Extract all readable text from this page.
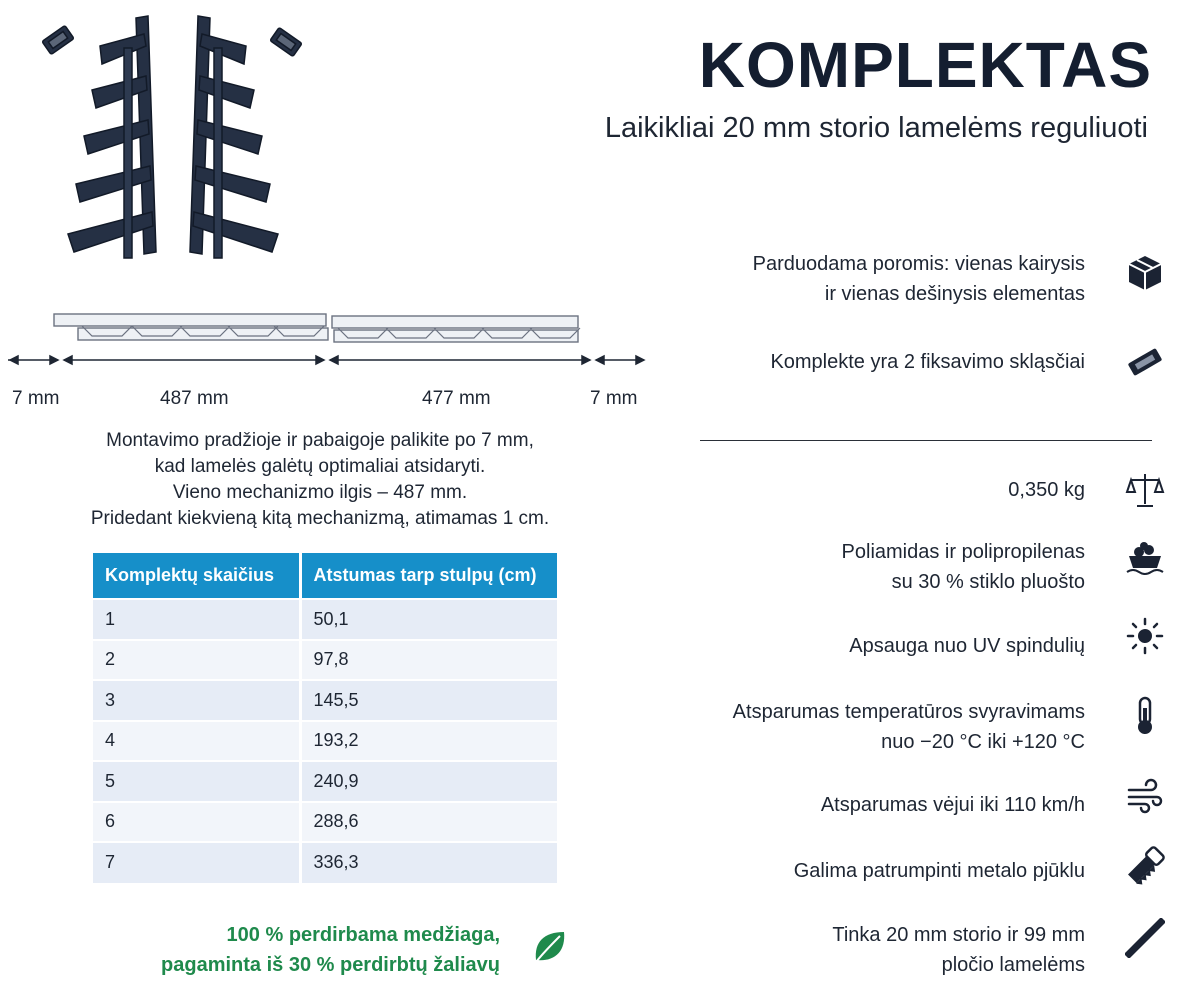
KOMPLEKTAS
Laikikliai 20 mm storio lamelėms reguliuoti
7 mm	487 mm	477 mm	7 mm
Montavimo pradžioje ir pabaigoje palikite po 7 mm,
kad lamelės galėtų optimaliai atsidaryti.
Vieno mechanizmo ilgis – 487 mm.
Pridedant kiekvieną kitą mechanizmą, atimamas 1 cm.
Komplektų skaičius	Atstumas tarp stulpų (cm)
1	50,1
2	97,8
3	145,5
4	193,2
5	240,9
6	288,6
7	336,3
100 % perdirbama medžiaga,
pagaminta iš 30 % perdirbtų žaliavų
Parduodama poromis: vienas kairysis
ir vienas dešinysis elementas
Komplekte yra 2 fiksavimo skląsčiai
0,350 kg
Poliamidas ir polipropilenas
su 30 % stiklo pluošto
Apsauga nuo UV spindulių
Atsparumas temperatūros svyravimams
nuo −20 °C iki +120 °C
Atsparumas vėjui iki 110 km/h
Galima patrumpinti metalo pjūklu
Tinka 20 mm storio ir 99 mm
pločio lamelėms
